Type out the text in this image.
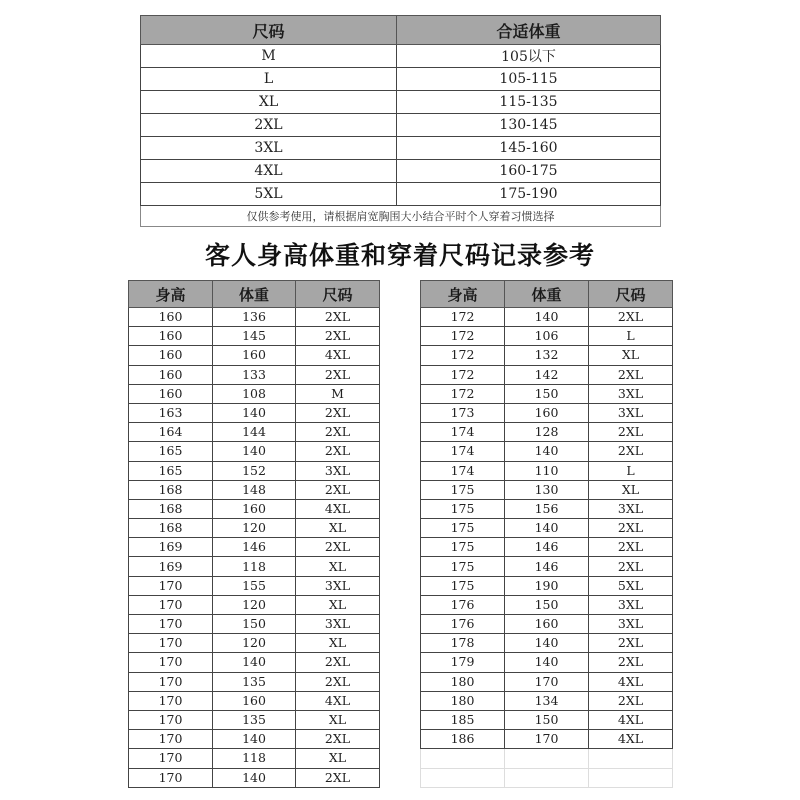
尺码	合适体重
M	105以下
L	105-115
XL	115-135
2XL	130-145
3XL	145-160
4XL	160-175
5XL	175-190
仅供参考使用，请根据肩宽胸围大小结合平时个人穿着习惯选择	
客人身高体重和穿着尺码记录参考
身高	体重	尺码
160	136	2XL
160	145	2XL
160	160	4XL
160	133	2XL
160	108	M
163	140	2XL
164	144	2XL
165	140	2XL
165	152	3XL
168	148	2XL
168	160	4XL
168	120	XL
169	146	2XL
169	118	XL
170	155	3XL
170	120	XL
170	150	3XL
170	120	XL
170	140	2XL
170	135	2XL
170	160	4XL
170	135	XL
170	140	2XL
170	118	XL
170	140	2XL
身高	体重	尺码
172	140	2XL
172	106	L
172	132	XL
172	142	2XL
172	150	3XL
173	160	3XL
174	128	2XL
174	140	2XL
174	110	L
175	130	XL
175	156	3XL
175	140	2XL
175	146	2XL
175	146	2XL
175	190	5XL
176	150	3XL
176	160	3XL
178	140	2XL
179	140	2XL
180	170	4XL
180	134	2XL
185	150	4XL
186	170	4XL
